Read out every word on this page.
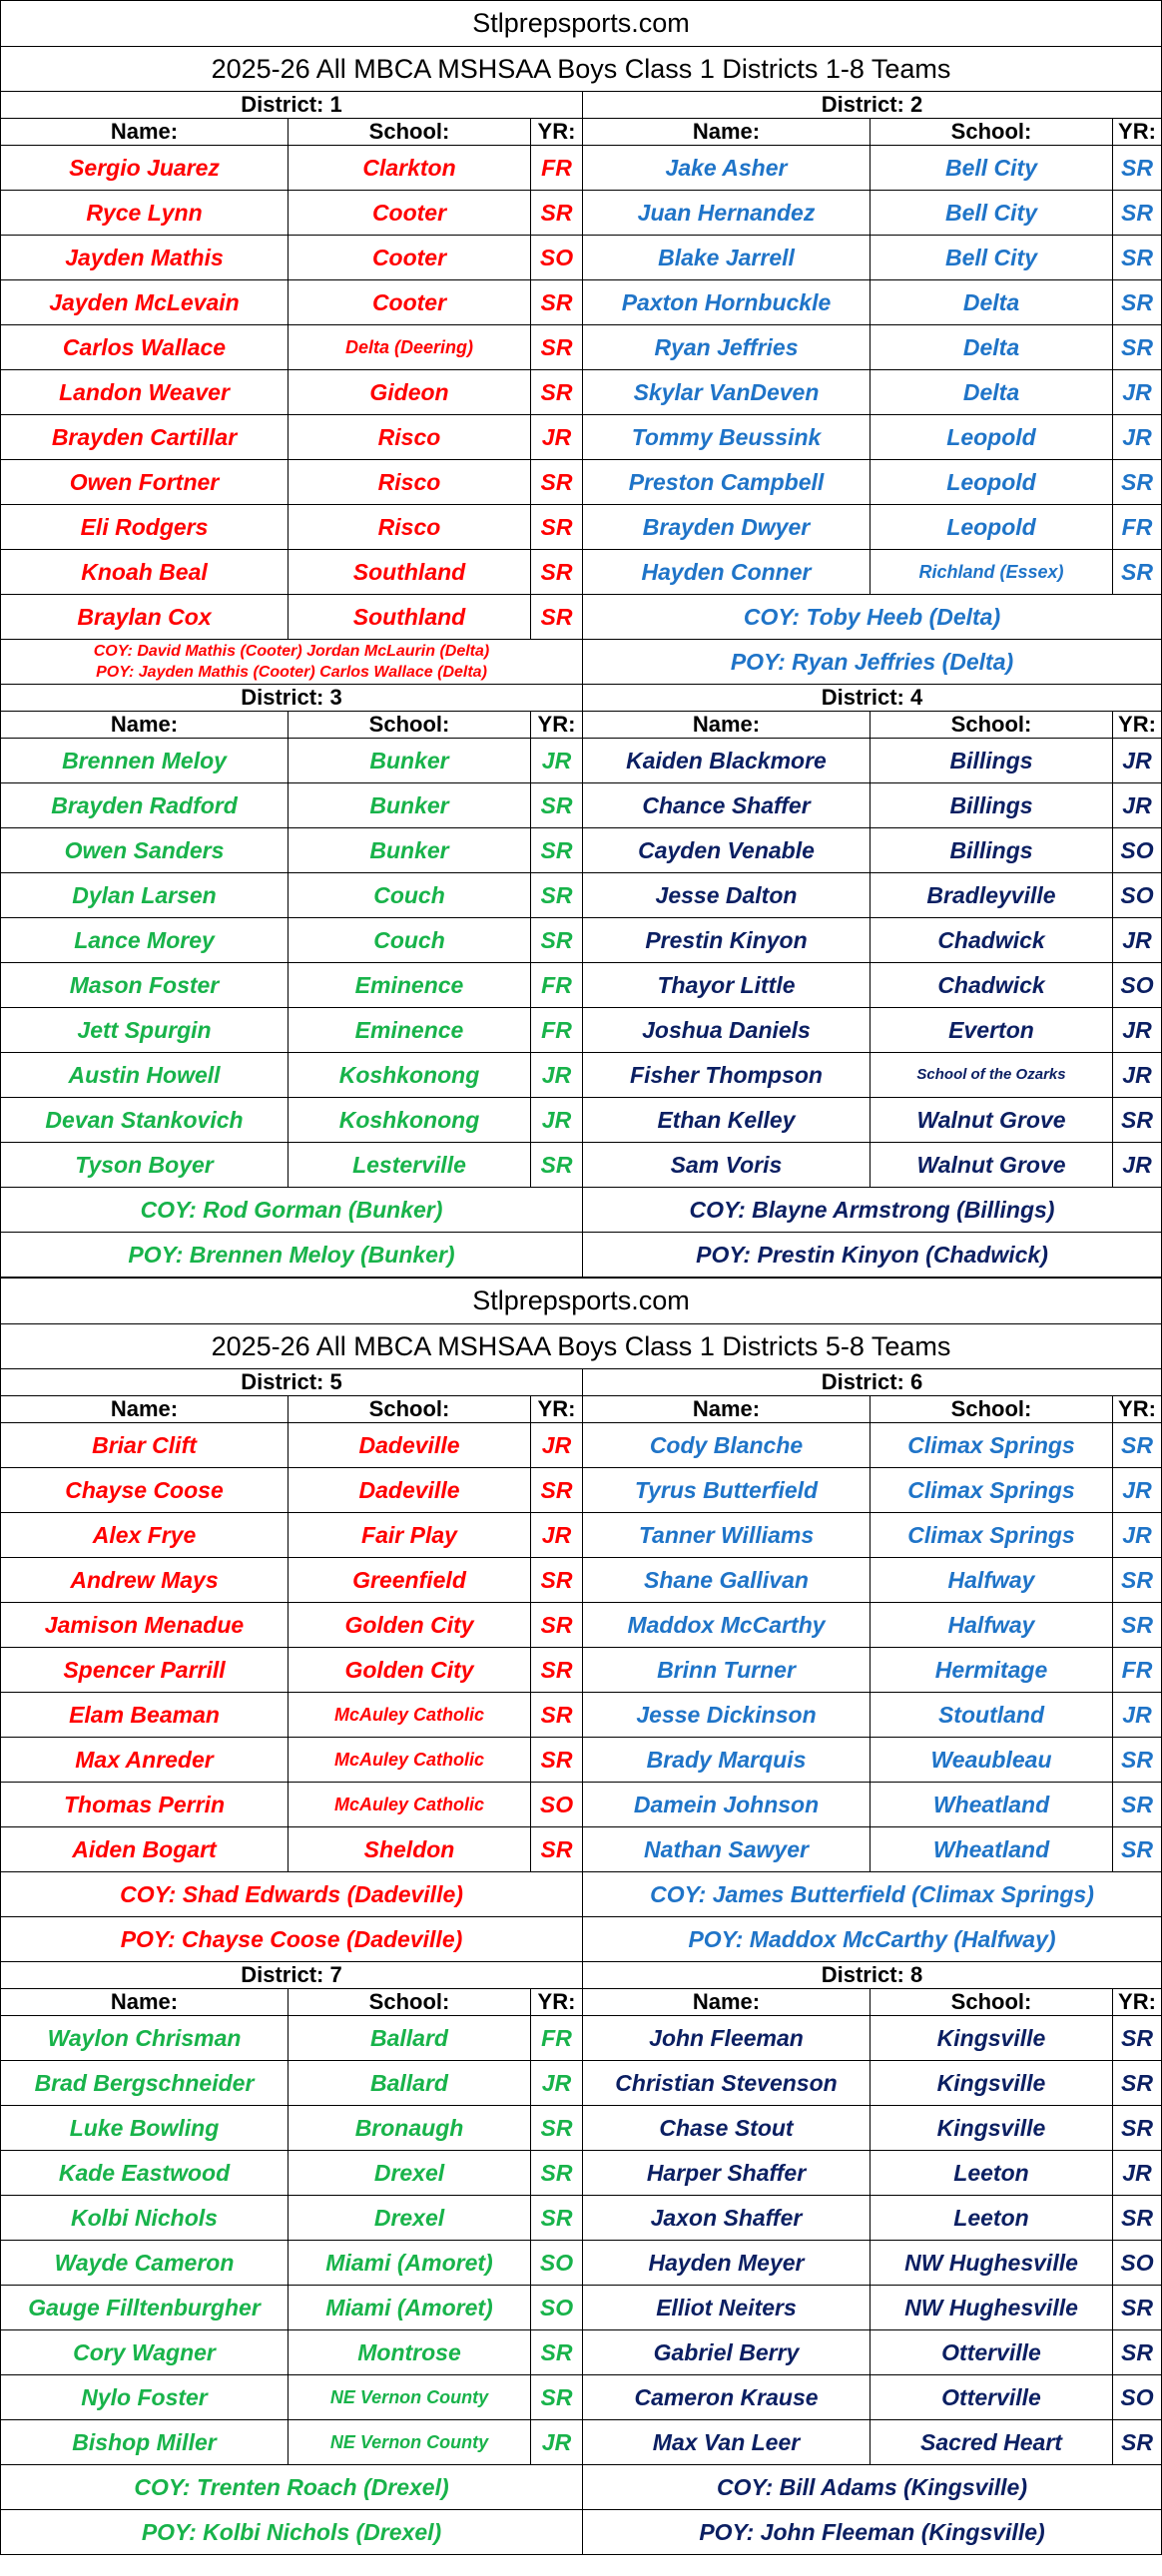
Stlprepsports.com					
2025-26 All MBCA MSHSAA Boys Class 1 Districts 1-8 Teams					
District: 1			District: 2		
Name:	School:	YR:	Name:	School:	YR:
Sergio Juarez	Clarkton	FR	Jake Asher	Bell City	SR
Ryce Lynn	Cooter	SR	Juan Hernandez	Bell City	SR
Jayden Mathis	Cooter	SO	Blake Jarrell	Bell City	SR
Jayden McLevain	Cooter	SR	Paxton Hornbuckle	Delta	SR
Carlos Wallace	Delta (Deering)	SR	Ryan Jeffries	Delta	SR
Landon Weaver	Gideon	SR	Skylar VanDeven	Delta	JR
Brayden Cartillar	Risco	JR	Tommy Beussink	Leopold	JR
Owen Fortner	Risco	SR	Preston Campbell	Leopold	SR
Eli Rodgers	Risco	SR	Brayden Dwyer	Leopold	FR
Knoah Beal	Southland	SR	Hayden Conner	Richland (Essex)	SR
Braylan Cox	Southland	SR	COY: Toby Heeb (Delta)		

COY: David Mathis (Cooter) Jordan McLaurin (Delta)
POY: Jayden Mathis (Cooter) Carlos Wallace (Delta)			POY: Ryan Jeffries (Delta)		
District: 3			District: 4		
Name:	School:	YR:	Name:	School:	YR:
Brennen Meloy	Bunker	JR	Kaiden Blackmore	Billings	JR
Brayden Radford	Bunker	SR	Chance Shaffer	Billings	JR
Owen Sanders	Bunker	SR	Cayden Venable	Billings	SO
Dylan Larsen	Couch	SR	Jesse Dalton	Bradleyville	SO
Lance Morey	Couch	SR	Prestin Kinyon	Chadwick	JR
Mason Foster	Eminence	FR	Thayor Little	Chadwick	SO
Jett Spurgin	Eminence	FR	Joshua Daniels	Everton	JR
Austin Howell	Koshkonong	JR	Fisher Thompson	School of the Ozarks	JR
Devan Stankovich	Koshkonong	JR	Ethan Kelley	Walnut Grove	SR
Tyson Boyer	Lesterville	SR	Sam Voris	Walnut Grove	JR
COY: Rod Gorman (Bunker)			COY: Blayne Armstrong (Billings)		
POY: Brennen Meloy (Bunker)			POY: Prestin Kinyon (Chadwick)		
Stlprepsports.com					
2025-26 All MBCA MSHSAA Boys Class 1 Districts 5-8 Teams					
District: 5			District: 6		
Name:	School:	YR:	Name:	School:	YR:
Briar Clift	Dadeville	JR	Cody Blanche	Climax Springs	SR
Chayse Coose	Dadeville	SR	Tyrus Butterfield	Climax Springs	JR
Alex Frye	Fair Play	JR	Tanner Williams	Climax Springs	JR
Andrew Mays	Greenfield	SR	Shane Gallivan	Halfway	SR
Jamison Menadue	Golden City	SR	Maddox McCarthy	Halfway	SR
Spencer Parrill	Golden City	SR	Brinn Turner	Hermitage	FR
Elam Beaman	McAuley Catholic	SR	Jesse Dickinson	Stoutland	JR
Max Anreder	McAuley Catholic	SR	Brady Marquis	Weaubleau	SR
Thomas Perrin	McAuley Catholic	SO	Damein Johnson	Wheatland	SR
Aiden Bogart	Sheldon	SR	Nathan Sawyer	Wheatland	SR
COY: Shad Edwards (Dadeville)			COY: James Butterfield (Climax Springs)		
POY: Chayse Coose (Dadeville)			POY: Maddox McCarthy (Halfway)		
District: 7			District: 8		
Name:	School:	YR:	Name:	School:	YR:
Waylon Chrisman	Ballard	FR	John Fleeman	Kingsville	SR
Brad Bergschneider	Ballard	JR	Christian Stevenson	Kingsville	SR
Luke Bowling	Bronaugh	SR	Chase Stout	Kingsville	SR
Kade Eastwood	Drexel	SR	Harper Shaffer	Leeton	JR
Kolbi Nichols	Drexel	SR	Jaxon Shaffer	Leeton	SR
Wayde Cameron	Miami (Amoret)	SO	Hayden Meyer	NW Hughesville	SO
Gauge Filltenburgher	Miami (Amoret)	SO	Elliot Neiters	NW Hughesville	SR
Cory Wagner	Montrose	SR	Gabriel Berry	Otterville	SR
Nylo Foster	NE Vernon County	SR	Cameron Krause	Otterville	SO
Bishop Miller	NE Vernon County	JR	Max Van Leer	Sacred Heart	SR
COY: Trenten Roach (Drexel)			COY: Bill Adams (Kingsville)		
POY: Kolbi Nichols (Drexel)			POY: John Fleeman (Kingsville)		
